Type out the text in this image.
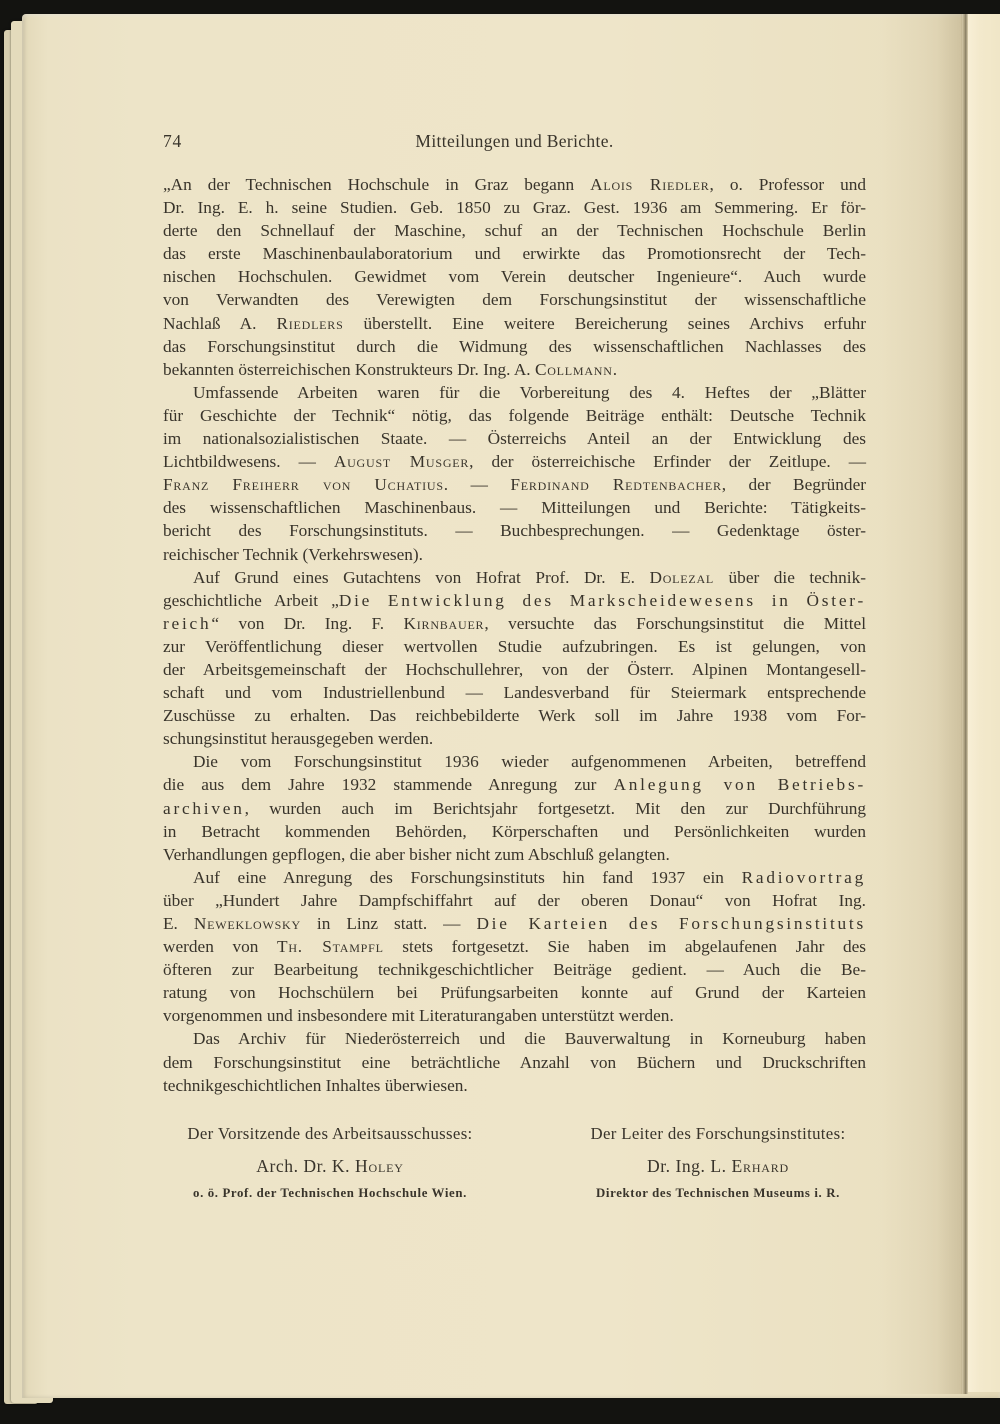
74	Mitteilungen und Berichte.
„An der Technischen Hochschule in Graz begann Alois Riedler, o. Professor und
Dr. Ing. E. h. seine Studien. Geb. 1850 zu Graz. Gest. 1936 am Semmering. Er för-
derte den Schnellauf der Maschine, schuf an der Technischen Hochschule Berlin
das erste Maschinenbaulaboratorium und erwirkte das Promotionsrecht der Tech-
nischen Hochschulen. Gewidmet vom Verein deutscher Ingenieure“. Auch wurde
von Verwandten des Verewigten dem Forschungsinstitut der wissenschaftliche
Nachlaß A. Riedlers überstellt. Eine weitere Bereicherung seines Archivs erfuhr
das Forschungsinstitut durch die Widmung des wissenschaftlichen Nachlasses des
bekannten österreichischen Konstrukteurs Dr. Ing. A. Collmann.
Umfassende Arbeiten waren für die Vorbereitung des 4. Heftes der „Blätter
für Geschichte der Technik“ nötig, das folgende Beiträge enthält: Deutsche Technik
im nationalsozialistischen Staate. — Österreichs Anteil an der Entwicklung des
Lichtbildwesens. — August Musger, der österreichische Erfinder der Zeitlupe. —
Franz Freiherr von Uchatius. — Ferdinand Redtenbacher, der Begründer
des wissenschaftlichen Maschinenbaus. — Mitteilungen und Berichte: Tätigkeits-
bericht des Forschungsinstituts. — Buchbesprechungen. — Gedenktage öster-
reichischer Technik (Verkehrswesen).
Auf Grund eines Gutachtens von Hofrat Prof. Dr. E. Dolezal über die technik-
geschichtliche Arbeit „Die Entwicklung des Markscheidewesens in Öster-
reich“ von Dr. Ing. F. Kirnbauer, versuchte das Forschungsinstitut die Mittel
zur Veröffentlichung dieser wertvollen Studie aufzubringen. Es ist gelungen, von
der Arbeitsgemeinschaft der Hochschullehrer, von der Österr. Alpinen Montangesell-
schaft und vom Industriellenbund — Landesverband für Steiermark entsprechende
Zuschüsse zu erhalten. Das reichbebilderte Werk soll im Jahre 1938 vom For-
schungsinstitut herausgegeben werden.
Die vom Forschungsinstitut 1936 wieder aufgenommenen Arbeiten, betreffend
die aus dem Jahre 1932 stammende Anregung zur Anlegung von Betriebs-
archiven, wurden auch im Berichtsjahr fortgesetzt. Mit den zur Durchführung
in Betracht kommenden Behörden, Körperschaften und Persönlichkeiten wurden
Verhandlungen gepflogen, die aber bisher nicht zum Abschluß gelangten.
Auf eine Anregung des Forschungsinstituts hin fand 1937 ein Radiovortrag
über „Hundert Jahre Dampfschiffahrt auf der oberen Donau“ von Hofrat Ing.
E. Neweklowsky in Linz statt. — Die Karteien des Forschungsinstituts
werden von Th. Stampfl stets fortgesetzt. Sie haben im abgelaufenen Jahr des
öfteren zur Bearbeitung technikgeschichtlicher Beiträge gedient. — Auch die Be-
ratung von Hochschülern bei Prüfungsarbeiten konnte auf Grund der Karteien
vorgenommen und insbesondere mit Literaturangaben unterstützt werden.
Das Archiv für Niederösterreich und die Bauverwaltung in Korneuburg haben
dem Forschungsinstitut eine beträchtliche Anzahl von Büchern und Druckschriften
technikgeschichtlichen Inhaltes überwiesen.
Der Vorsitzende des Arbeitsausschusses:
Arch. Dr. K. Holey
o. ö. Prof. der Technischen Hochschule Wien.
Der Leiter des Forschungsinstitutes:
Dr. Ing. L. Erhard
Direktor des Technischen Museums i. R.
